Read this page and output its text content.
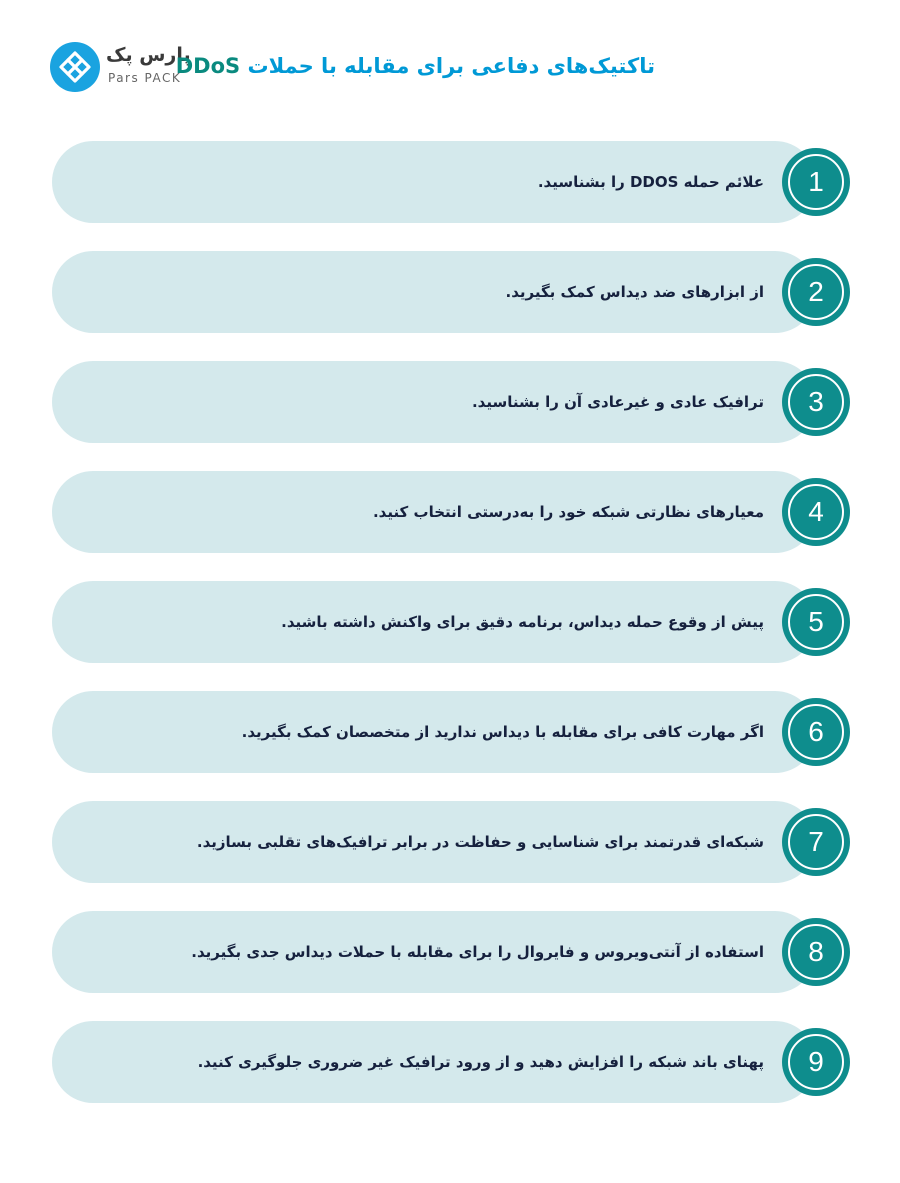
پارس پک
Pars PACK	تاکتیک‌های دفاعی برای مقابله با حملات DDoS
علائم حمله DDOS را بشناسید.	1
از ابزارهای ضد دیداس کمک بگیرید.	2
ترافیک عادی و غیرعادی آن را بشناسید.	3
معیارهای نظارتی شبکه خود را به‌درستی انتخاب کنید.	4
پیش از وقوع حمله دیداس، برنامه دقیق برای واکنش داشته باشید.	5
اگر مهارت کافی برای مقابله با دیداس ندارید از متخصصان کمک بگیرید.	6
شبکه‌ای قدرتمند برای شناسایی و حفاظت در برابر ترافیک‌های تقلبی بسازید.	7
استفاده از آنتی‌ویروس و فایروال را برای مقابله با حملات دیداس جدی بگیرید.	8
پهنای باند شبکه را افزایش دهید و از ورود ترافیک غیر ضروری جلوگیری کنید.	9
